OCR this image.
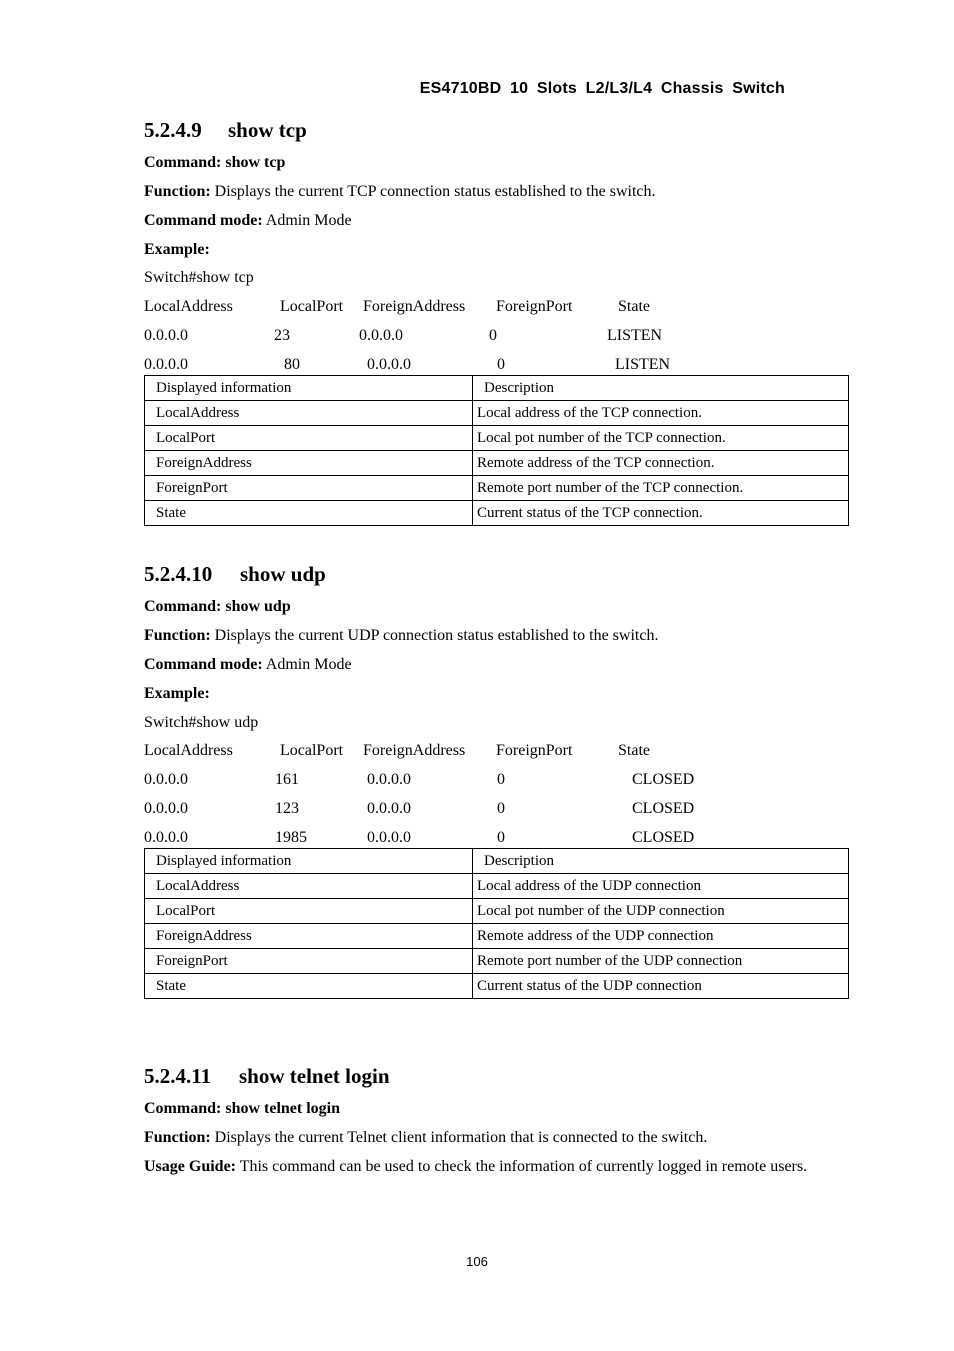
ES4710BD 10 Slots L2/L3/L4 Chassis Switch
5.2.4.9 show tcp
Command: show tcp
Function: Displays the current TCP connection status established to the switch.
Command mode: Admin Mode
Example:
Switch#show tcp
LocalAddress	LocalPort ForeignAddress ForeignPort	State
0.0.0.0	23	0.0.0.0	0	LISTEN
0.0.0.0	80	0.0.0.0	0	LISTEN
Displayed information	Description
LocalAddress	Local address of the TCP connection.
LocalPort	Local pot number of the TCP connection.
ForeignAddress	Remote address of the TCP connection.
ForeignPort	Remote port number of the TCP connection.
State	Current status of the TCP connection.
5.2.4.10 show udp
Command: show udp
Function: Displays the current UDP connection status established to the switch.
Command mode: Admin Mode
Example:
Switch#show udp
LocalAddress	LocalPort ForeignAddress ForeignPort	State
0.0.0.0	161	0.0.0.0	0	CLOSED
0.0.0.0	123	0.0.0.0	0	CLOSED
0.0.0.0	1985	0.0.0.0	0	CLOSED
Displayed information	Description
LocalAddress	Local address of the UDP connection
LocalPort	Local pot number of the UDP connection
ForeignAddress	Remote address of the UDP connection
ForeignPort	Remote port number of the UDP connection
State	Current status of the UDP connection
5.2.4.11 show telnet login
Command: show telnet login
Function: Displays the current Telnet client information that is connected to the switch.
Usage Guide: This command can be used to check the information of currently logged in remote users.
106
